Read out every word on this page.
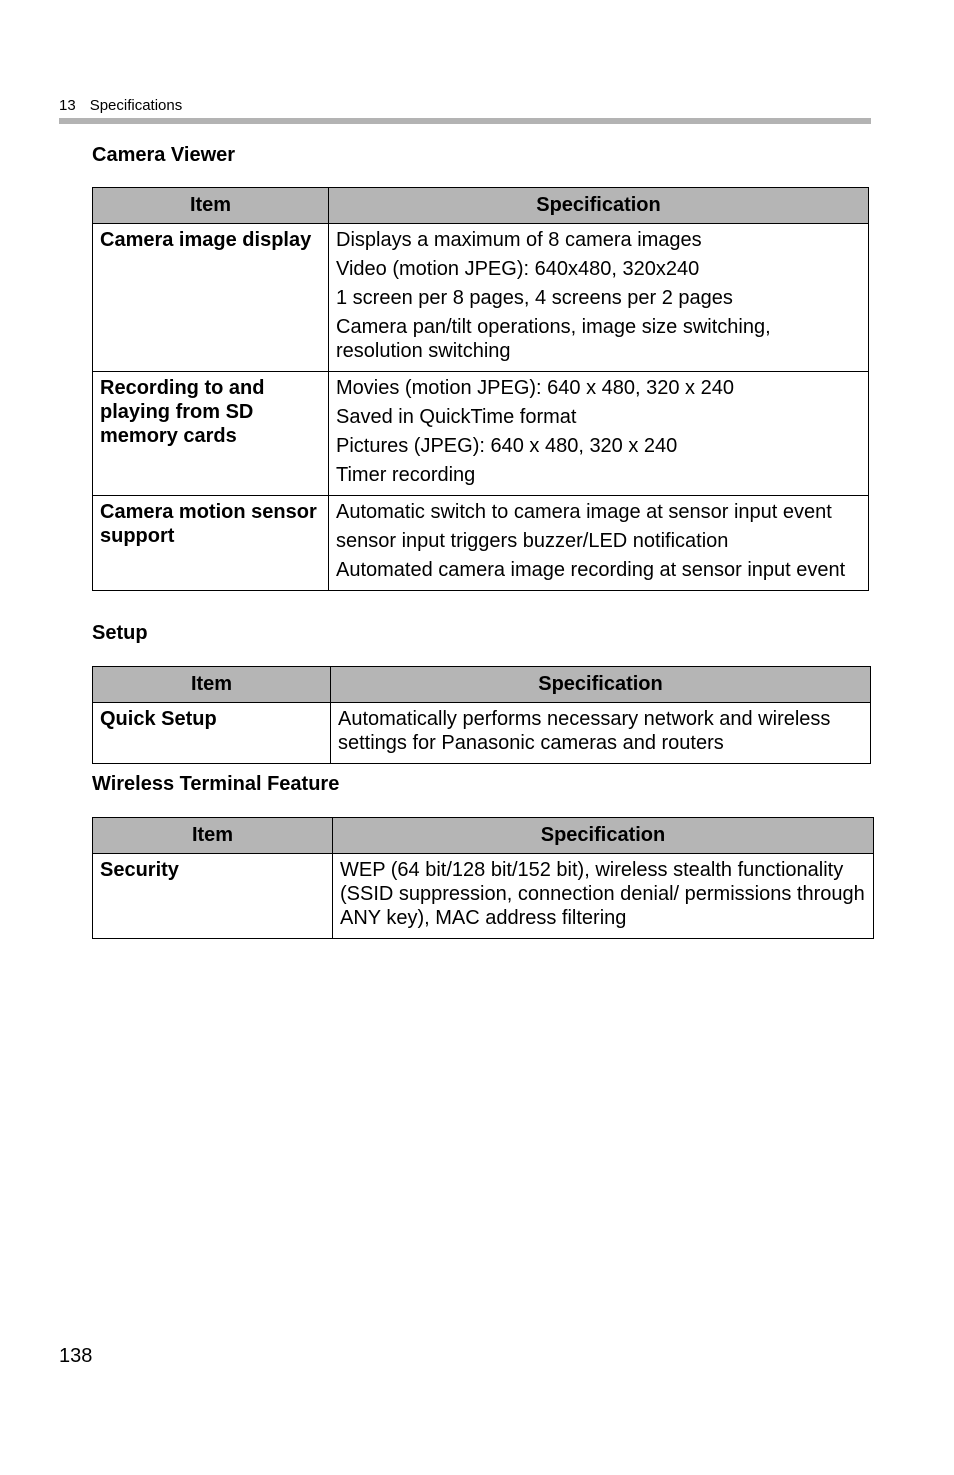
13 Specifications
Camera Viewer
Item	Specification
Camera image display	Displays a maximum of 8 camera images
Video (motion JPEG): 640x480, 320x240
1 screen per 8 pages, 4 screens per 2 pages
Camera pan/tilt operations, image size switching, resolution switching

Recording to and playing from SD memory cards	Movies (motion JPEG): 640 x 480, 320 x 240
Saved in QuickTime format
Pictures (JPEG): 640 x 480, 320 x 240
Timer recording

Camera motion sensor support	Automatic switch to camera image at sensor input event
sensor input triggers buzzer/LED notification
Automated camera image recording at sensor input event
Setup
Item	Specification
Quick Setup	Automatically performs necessary network and wireless settings for Panasonic cameras and routers
Wireless Terminal Feature
Item	Specification
Security	WEP (64 bit/128 bit/152 bit), wireless stealth functionality (SSID suppression, connection denial/ permissions through ANY key), MAC address filtering
138
